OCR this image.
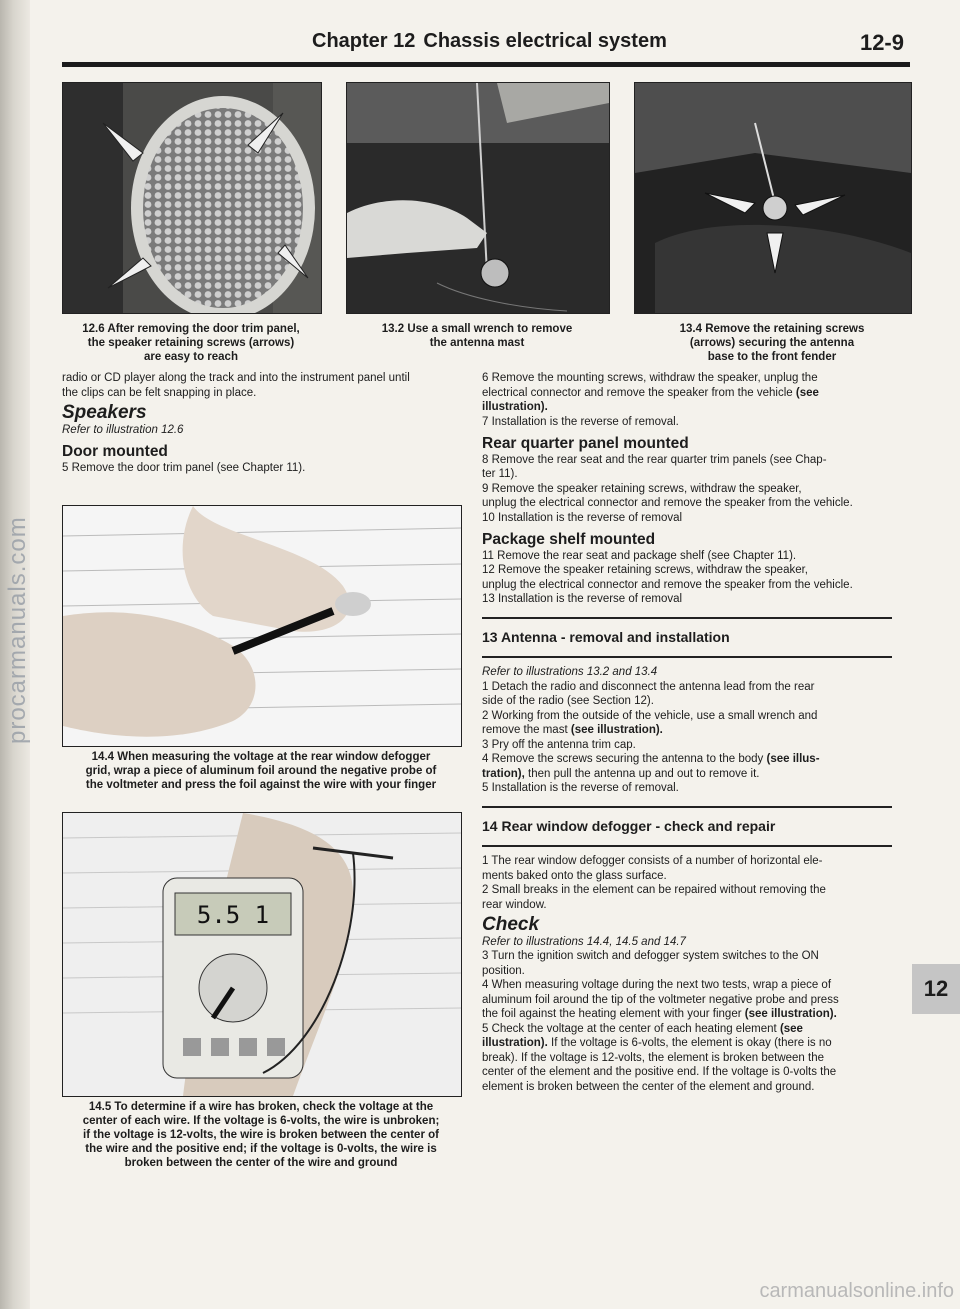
procarmanuals.com
Chapter 12 Chassis electrical system	12-9
12.6 After removing the door trim panel,
the speaker retaining screws (arrows)
are easy to reach
13.2 Use a small wrench to remove
the antenna mast
13.4 Remove the retaining screws
(arrows) securing the antenna
base to the front fender

radio or CD player along the track and into the instrument panel until

the clips can be felt snapping in place.

Speakers

Refer to illustration 12.6

Door mounted

5 Remove the door trim panel (see Chapter 11).

14.4 When measuring the voltage at the rear window defogger
grid, wrap a piece of aluminum foil around the negative probe of
the voltmeter and press the foil against the wire with your finger
5.5 1
14.5 To determine if a wire has broken, check the voltage at the
center of each wire. If the voltage is 6-volts, the wire is unbroken;
if the voltage is 12-volts, the wire is broken between the center of
the wire and the positive end; if the voltage is 0-volts, the wire is
broken between the center of the wire and ground

6 Remove the mounting screws, withdraw the speaker, unplug the

electrical connector and remove the speaker from the vehicle (see

illustration).

7 Installation is the reverse of removal.

Rear quarter panel mounted

8 Remove the rear seat and the rear quarter trim panels (see Chap-

ter 11).

9 Remove the speaker retaining screws, withdraw the speaker,

unplug the electrical connector and remove the speaker from the vehicle.

10 Installation is the reverse of removal

Package shelf mounted

11 Remove the rear seat and package shelf (see Chapter 11).

12 Remove the speaker retaining screws, withdraw the speaker,

unplug the electrical connector and remove the speaker from the vehicle.

13 Installation is the reverse of removal

13 Antenna - removal and installation

Refer to illustrations 13.2 and 13.4

1 Detach the radio and disconnect the antenna lead from the rear

side of the radio (see Section 12).

2 Working from the outside of the vehicle, use a small wrench and

remove the mast (see illustration).

3 Pry off the antenna trim cap.

4 Remove the screws securing the antenna to the body (see illus-

tration), then pull the antenna up and out to remove it.

5 Installation is the reverse of removal.

14 Rear window defogger - check and repair

1 The rear window defogger consists of a number of horizontal ele-

ments baked onto the glass surface.

2 Small breaks in the element can be repaired without removing the

rear window.

Check

Refer to illustrations 14.4, 14.5 and 14.7

3 Turn the ignition switch and defogger system switches to the ON

position.

4 When measuring voltage during the next two tests, wrap a piece of

aluminum foil around the tip of the voltmeter negative probe and press

the foil against the heating element with your finger (see illustration).

5 Check the voltage at the center of each heating element (see

illustration). If the voltage is 6-volts, the element is okay (there is no

break). If the voltage is 12-volts, the element is broken between the

center of the element and the positive end. If the voltage is 0-volts the

element is broken between the center of the element and ground.

12
carmanualsonline.info
